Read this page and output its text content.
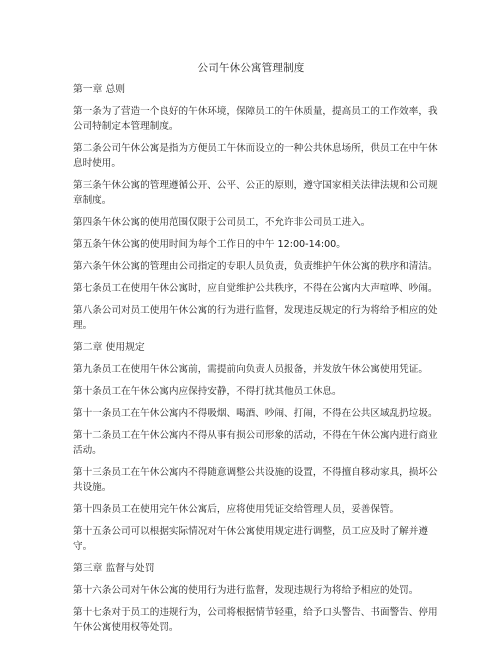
公司午休公寓管理制度

第一章 总则

第一条为了营造一个良好的午休环境，保障员工的午休质量，提高员工的工作效率，我公司特制定本管理制度。

第二条公司午休公寓是指为方便员工午休而设立的一种公共休息场所，供员工在中午休息时使用。

第三条午休公寓的管理遵循公开、公平、公正的原则，遵守国家相关法律法规和公司规章制度。

第四条午休公寓的使用范围仅限于公司员工，不允许非公司员工进入。

第五条午休公寓的使用时间为每个工作日的中午 12:00-14:00。

第六条午休公寓的管理由公司指定的专职人员负责，负责维护午休公寓的秩序和清洁。

第七条员工在使用午休公寓时，应自觉维护公共秩序，不得在公寓内大声喧哗、吵闹。

第八条公司对员工使用午休公寓的行为进行监督，发现违反规定的行为将给予相应的处理。

第二章 使用规定

第九条员工在使用午休公寓前，需提前向负责人员报备，并发放午休公寓使用凭证。

第十条员工在午休公寓内应保持安静，不得打扰其他员工休息。

第十一条员工在午休公寓内不得吸烟、喝酒、吵闹、打闹，不得在公共区域乱扔垃圾。

第十二条员工在午休公寓内不得从事有损公司形象的活动，不得在午休公寓内进行商业活动。

第十三条员工在午休公寓内不得随意调整公共设施的设置，不得擅自移动家具，损坏公共设施。

第十四条员工在使用完午休公寓后，应将使用凭证交给管理人员，妥善保管。

第十五条公司可以根据实际情况对午休公寓使用规定进行调整，员工应及时了解并遵守。

第三章 监督与处罚

第十六条公司对午休公寓的使用行为进行监督，发现违规行为将给予相应的处罚。

第十七条对于员工的违规行为，公司将根据情节轻重，给予口头警告、书面警告、停用午休公寓使用权等处罚。
